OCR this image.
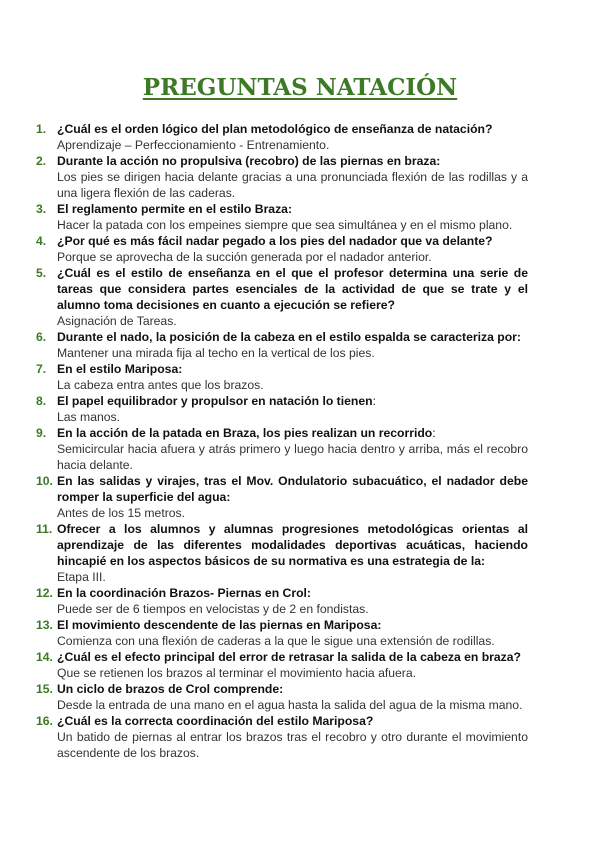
PREGUNTAS NATACIÓN
1. ¿Cuál es el orden lógico del plan metodológico de enseñanza de natación?
Aprendizaje – Perfeccionamiento - Entrenamiento.
2. Durante la acción no propulsiva (recobro) de las piernas en braza:
Los pies se dirigen hacia delante gracias a una pronunciada flexión de las rodillas y a una ligera flexión de las caderas.
3. El reglamento permite en el estilo Braza:
Hacer la patada con los empeines siempre que sea simultánea y en el mismo plano.
4. ¿Por qué es más fácil nadar pegado a los pies del nadador que va delante?
Porque se aprovecha de la succión generada por el nadador anterior.
5. ¿Cuál es el estilo de enseñanza en el que el profesor determina una serie de tareas que considera partes esenciales de la actividad de que se trate y el alumno toma decisiones en cuanto a ejecución se refiere?
Asignación de Tareas.
6. Durante el nado, la posición de la cabeza en el estilo espalda se caracteriza por:
Mantener una mirada fija al techo en la vertical de los pies.
7. En el estilo Mariposa:
La cabeza entra antes que los brazos.
8. El papel equilibrador y propulsor en natación lo tienen:
Las manos.
9. En la acción de la patada en Braza, los pies realizan un recorrido:
Semicircular hacia afuera y atrás primero y luego hacia dentro y arriba, más el recobro hacia delante.
10. En las salidas y virajes, tras el Mov. Ondulatorio subacuático, el nadador debe romper la superficie del agua:
Antes de los 15 metros.
11. Ofrecer a los alumnos y alumnas progresiones metodológicas orientas al aprendizaje de las diferentes modalidades deportivas acuáticas, haciendo hincapié en los aspectos básicos de su normativa es una estrategia de la:
Etapa III.
12. En la coordinación Brazos- Piernas en Crol:
Puede ser de 6 tiempos en velocistas y de 2 en fondistas.
13. El movimiento descendente de las piernas en Mariposa:
Comienza con una flexión de caderas a la que le sigue una extensión de rodillas.
14. ¿Cuál es el efecto principal del error de retrasar la salida de la cabeza en braza?
Que se retienen los brazos al terminar el movimiento hacia afuera.
15. Un ciclo de brazos de Crol comprende:
Desde la entrada de una mano en el agua hasta la salida del agua de la misma mano.
16. ¿Cuál es la correcta coordinación del estilo Mariposa?
Un batido de piernas al entrar los brazos tras el recobro y otro durante el movimiento ascendente de los brazos.
